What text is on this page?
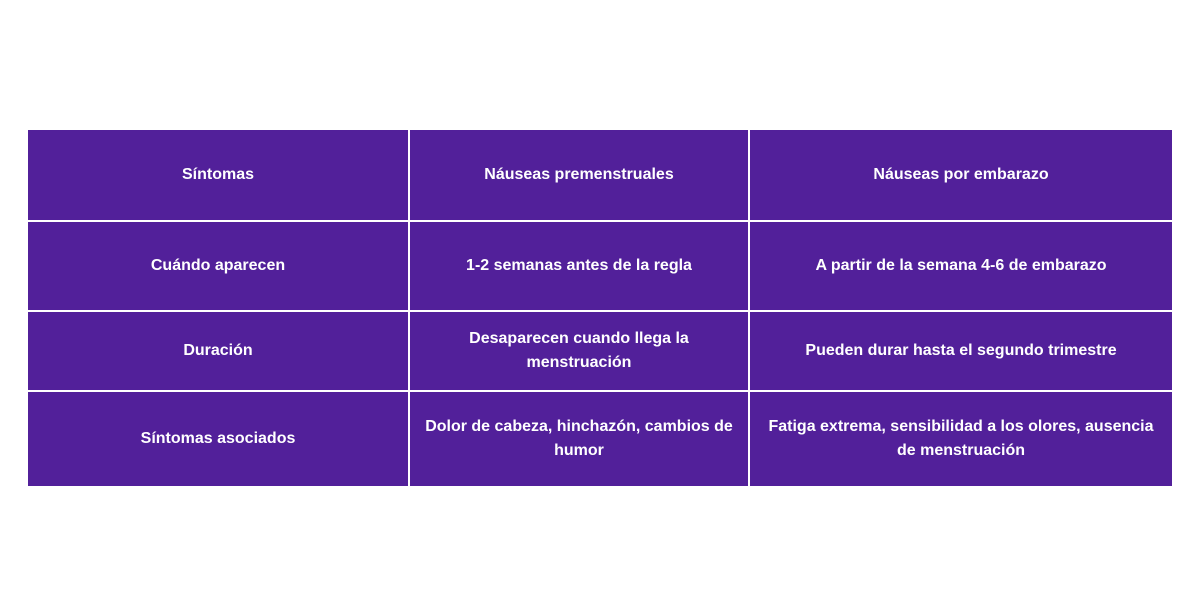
Síntomas	Náuseas premenstruales	Náuseas por embarazo
Cuándo aparecen	1-2 semanas antes de la regla	A partir de la semana 4-6 de embarazo
Duración	Desaparecen cuando llega la menstruación	Pueden durar hasta el segundo trimestre
Síntomas asociados	Dolor de cabeza, hinchazón, cambios de humor	Fatiga extrema, sensibilidad a los olores, ausencia de menstruación
